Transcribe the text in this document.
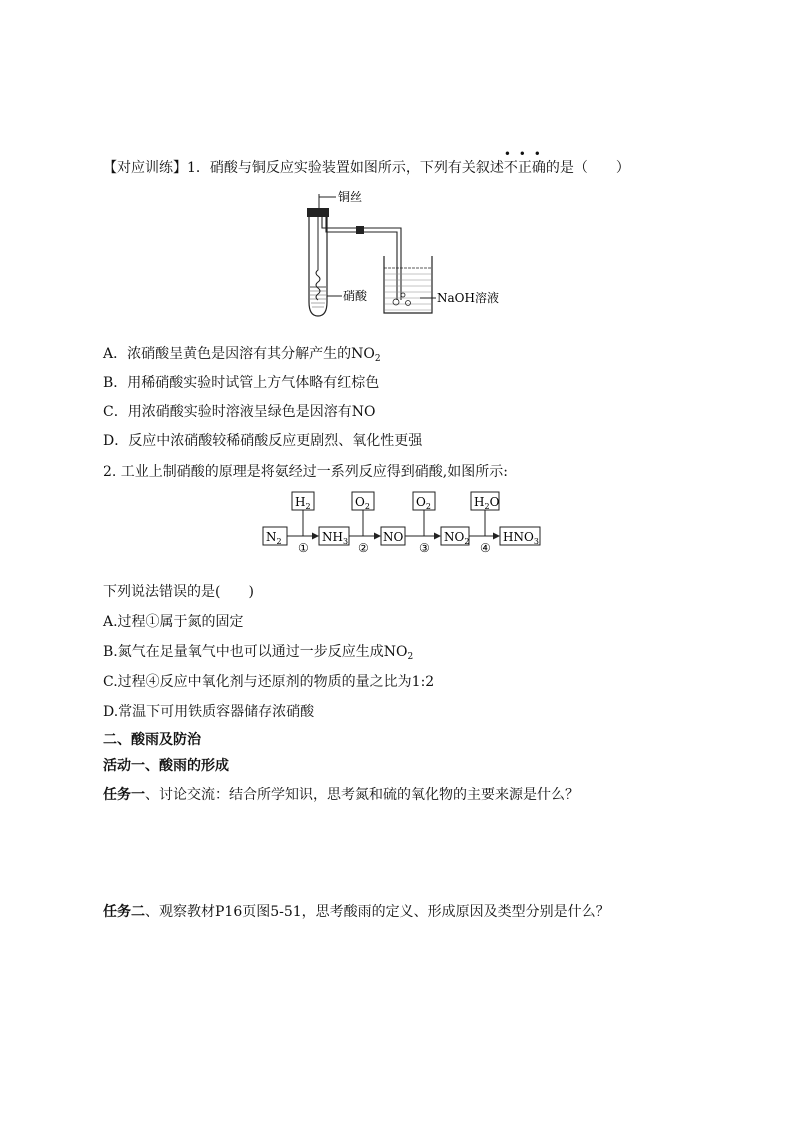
【对应训练】1．硝酸与铜反应实验装置如图所示，下列有关叙述
• • •
不正确的是（　　）
铜丝
硝酸	NaOH溶液
A．浓硝酸呈黄色是因溶有其分解产生的$NO_2$
B．用稀硝酸实验时试管上方气体略有红棕色
C．用浓硝酸实验时溶液呈绿色是因溶有NO
D．反应中浓硝酸较稀硝酸反应更剧烈、氧化性更强
2. 工业上制硝酸的原理是将氨经过一系列反应得到硝酸,如图所示:
$N_2$	$NH_3$	NO	$NO_2$	$HNO_3$
$H_2$	$O_2$	$O_2$	$H_2O$
①	②	③	④
下列说法错误的是(　　)
A.过程①属于氮的固定
B.氮气在足量氧气中也可以通过一步反应生成$NO_2$
C.过程④反应中氧化剂与还原剂的物质的量之比为1:2
D.常温下可用铁质容器储存浓硝酸
二、酸雨及防治
活动一、酸雨的形成
任务一、讨论交流：结合所学知识，思考氮和硫的氧化物的主要来源是什么？
任务二、观察教材P16页图5-51，思考酸雨的定义、形成原因及类型分别是什么？
